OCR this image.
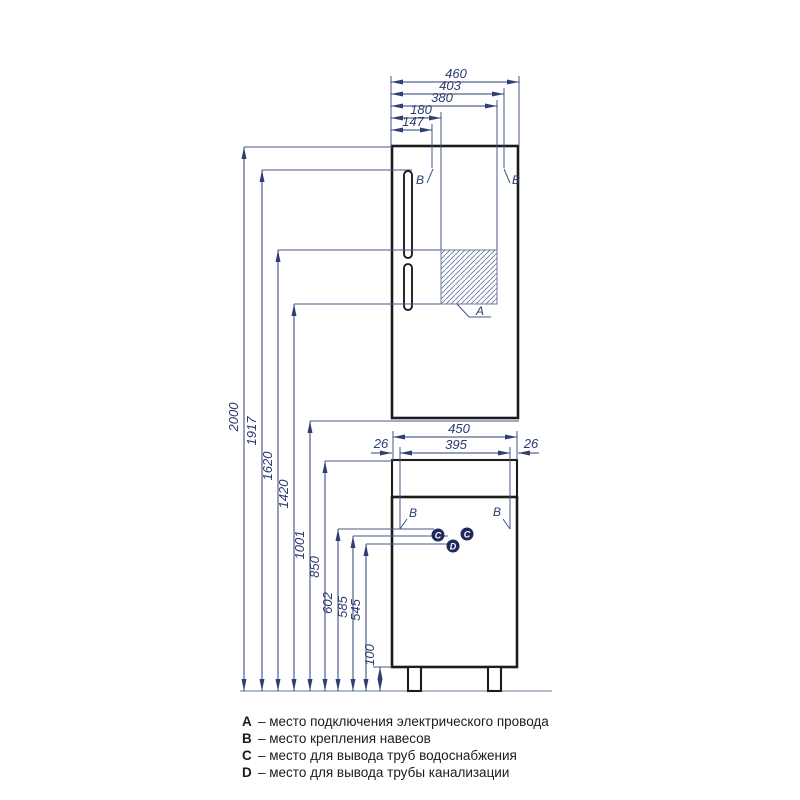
460
403
380
180
147
2000 1917
1620
1420
1001
850
602 585
545
100
A
B	B
450
395
26	26
B	B
C	C
D
A – место подключения электрического провода
B – место крепления навесов
C – место для вывода труб водоснабжения
D – место для вывода трубы канализации
